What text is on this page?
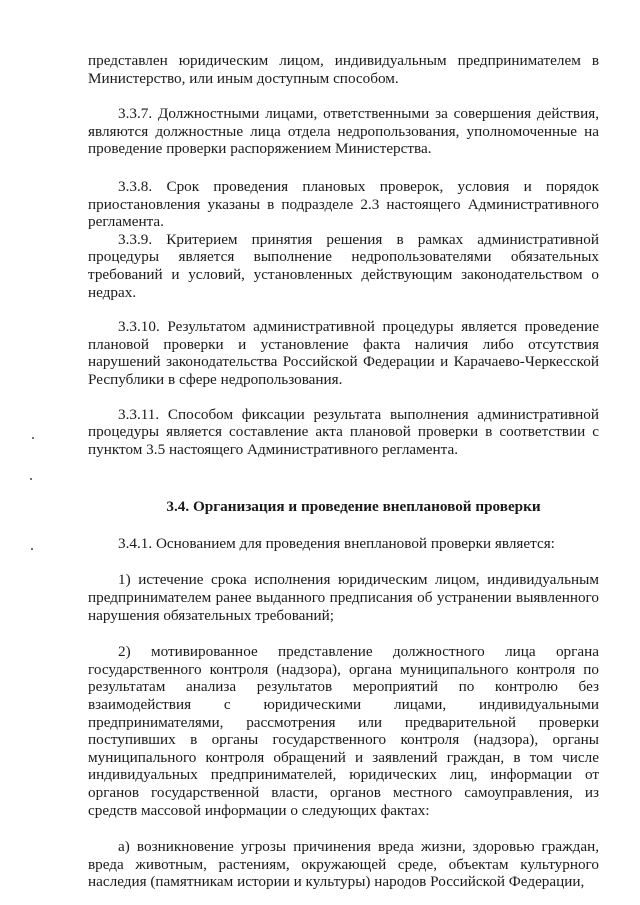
представлен юридическим лицом, индивидуальным предпринимателем в Министерство, или иным доступным способом.

3.3.7. Должностными лицами, ответственными за совершения действия, являются должностные лица отдела недропользования, уполномоченные на проведение проверки распоряжением Министерства.

3.3.8. Срок проведения плановых проверок, условия и порядок приостановления указаны в подразделе 2.3 настоящего Административного регламента.

3.3.9. Критерием принятия решения в рамках административной процедуры является выполнение недропользователями обязательных требований и условий, установленных действующим законодательством о недрах.

3.3.10. Результатом административной процедуры является проведение плановой проверки и установление факта наличия либо отсутствия нарушений законодательства Российской Федерации и Карачаево-Черкесской Республики в сфере недропользования.

3.3.11. Способом фиксации результата выполнения административной процедуры является составление акта плановой проверки в соответствии с пунктом 3.5 настоящего Административного регламента.

3.4. Организация и проведение внеплановой проверки

3.4.1. Основанием для проведения внеплановой проверки является:

1) истечение срока исполнения юридическим лицом, индивидуальным предпринимателем ранее выданного предписания об устранении выявленного нарушения обязательных требований;

2) мотивированное представление должностного лица органа государственного контроля (надзора), органа муниципального контроля по результатам анализа результатов мероприятий по контролю без взаимодействия с юридическими лицами, индивидуальными предпринимателями, рассмотрения или предварительной проверки поступивших в органы государственного контроля (надзора), органы муниципального контроля обращений и заявлений граждан, в том числе индивидуальных предпринимателей, юридических лиц, информации от органов государственной власти, органов местного самоуправления, из средств массовой информации о следующих фактах:

а) возникновение угрозы причинения вреда жизни, здоровью граждан, вреда животным, растениям, окружающей среде, объектам культурного наследия (памятникам истории и культуры) народов Российской Федерации,
